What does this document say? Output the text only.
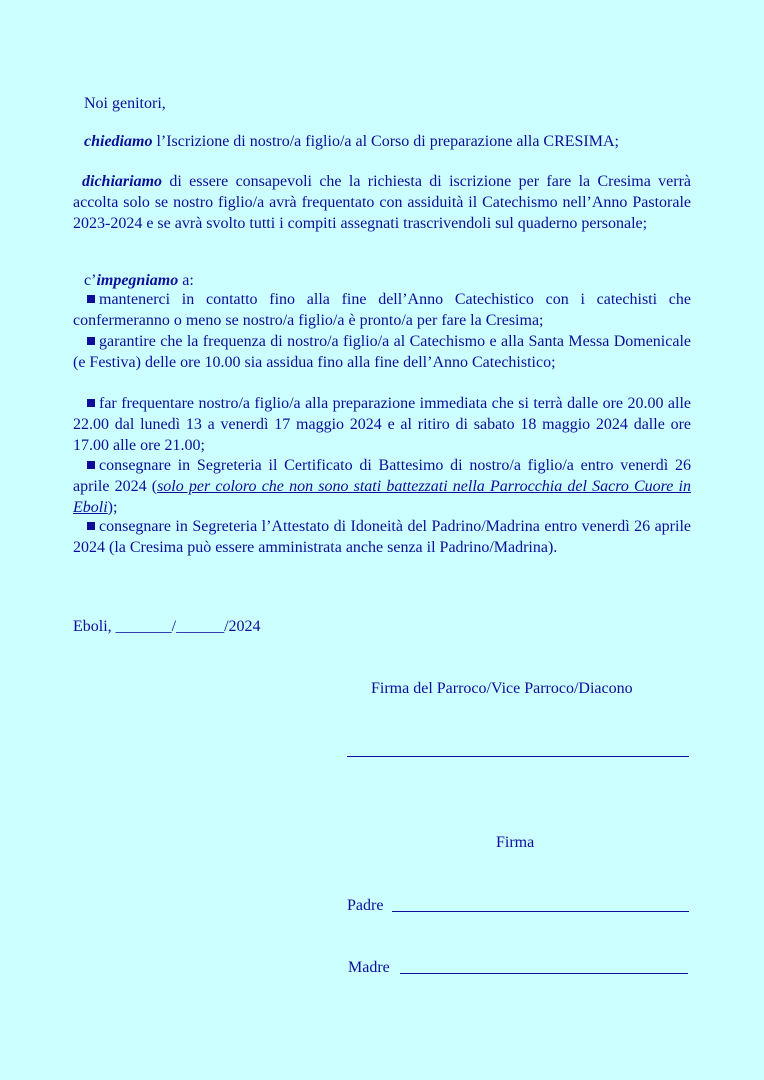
Noi genitori,
chiediamo l’Iscrizione di nostro/a figlio/a al Corso di preparazione alla CRESIMA;

dichiariamo di essere consapevoli che la richiesta di iscrizione per fare la Cresima verrà accolta solo se nostro figlio/a avrà frequentato con assiduità il Catechismo nell’Anno Pastorale 2023-2024 e se avrà svolto tutti i compiti assegnati trascrivendoli sul quaderno personale;

c’impegniamo a:

mantenerci in contatto fino alla fine dell’Anno Catechistico con i catechisti che confermeranno o meno se nostro/a figlio/a è pronto/a per fare la Cresima;

garantire che la frequenza di nostro/a figlio/a al Catechismo e alla Santa Messa Domenicale (e Festiva) delle ore 10.00 sia assidua fino alla fine dell’Anno Catechistico;

far frequentare nostro/a figlio/a alla preparazione immediata che si terrà dalle ore 20.00 alle 22.00 dal lunedì 13 a venerdì 17 maggio 2024 e al ritiro di sabato 18 maggio 2024 dalle ore 17.00 alle ore 21.00;

consegnare in Segreteria il Certificato di Battesimo di nostro/a figlio/a entro venerdì 26 aprile 2024 (solo per coloro che non sono stati battezzati nella Parrocchia del Sacro Cuore in Eboli);

consegnare in Segreteria l’Attestato di Idoneità del Padrino/Madrina entro venerdì 26 aprile 2024 (la Cresima può essere amministrata anche senza il Padrino/Madrina).

Eboli, _______/______/2024
Firma del Parroco/Vice Parroco/Diacono
Firma
Padre
Madre
